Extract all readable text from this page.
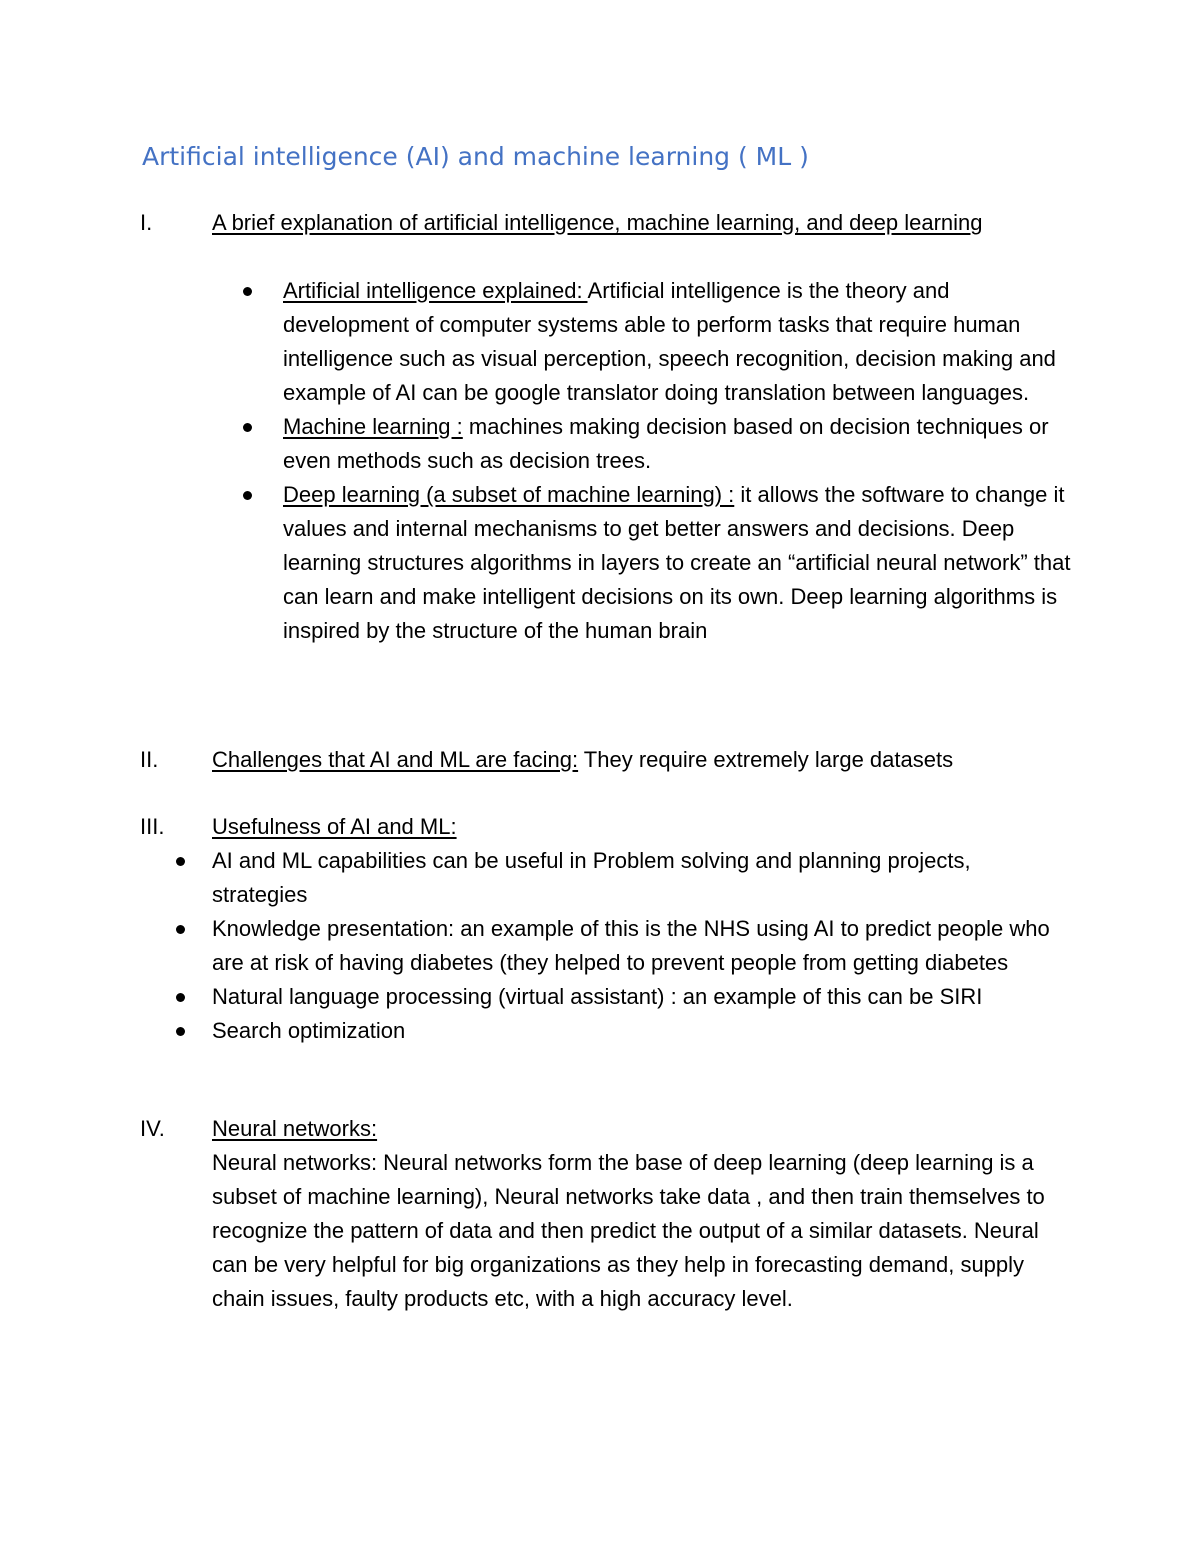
Artificial intelligence (AI) and machine learning ( ML )
I.	A brief explanation of artificial intelligence, machine learning, and deep learning

Artificial intelligence explained: Artificial intelligence is the theory and development of computer systems able to perform tasks that require human intelligence such as visual perception, speech recognition, decision making and example of AI can be google translator doing translation between languages.
Machine learning : machines making decision based on decision techniques or even methods such as decision trees.
Deep learning (a subset of machine learning) : it allows the software to change it values and internal mechanisms to get better answers and decisions. Deep learning structures algorithms in layers to create an “artificial neural network” that can learn and make intelligent decisions on its own. Deep learning algorithms is inspired by the structure of the human brain
II. Challenges that AI and ML are facing: They require extremely large datasets

III. Usefulness of AI and ML:

AI and ML capabilities can be useful in Problem solving and planning projects, strategies
Knowledge presentation: an example of this is the NHS using AI to predict people who are at risk of having diabetes (they helped to prevent people from getting diabetes
Natural language processing (virtual assistant) : an example of this can be SIRI
Search optimization
IV. Neural networks:

Neural networks: Neural networks form the base of deep learning (deep learning is a subset of machine learning), Neural networks take data , and then train themselves to recognize the pattern of data and then predict the output of a similar datasets. Neural can be very helpful for big organizations as they help in forecasting demand, supply chain issues, faulty products etc, with a high accuracy level.
